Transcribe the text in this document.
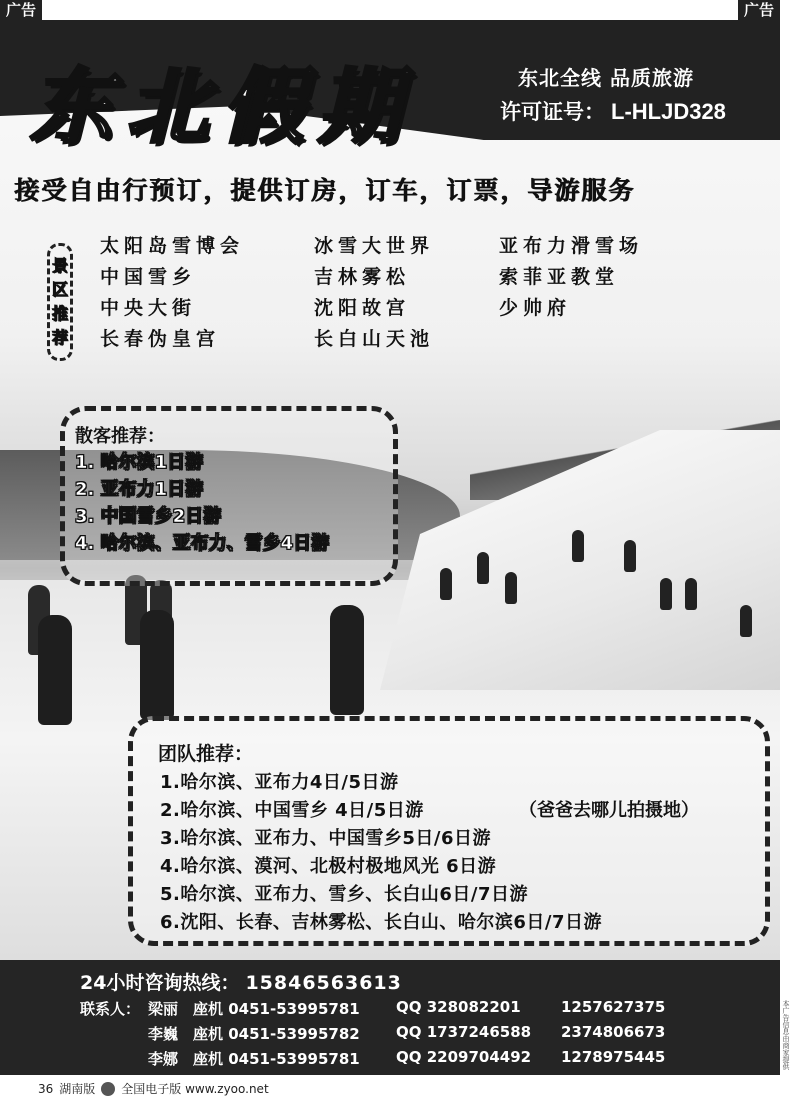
广告	广告
东北假期	东北全线 品质旅游
许可证号： L-HLJD328
接受自由行预订，提供订房，订车，订票，导游服务
景
区
推
荐
太阳岛雪博会	冰雪大世界	亚布力滑雪场
中国雪乡	吉林雾松	索菲亚教堂
中央大街	沈阳故宫	少帅府
长春伪皇宫	长白山天池
散客推荐：
1. 哈尔滨1日游
2. 亚布力1日游
3. 中国雪乡2日游
4. 哈尔滨、亚布力、雪乡4日游
团队推荐：
1.哈尔滨、亚布力4日/5日游
2.哈尔滨、中国雪乡 4日/5日游	（爸爸去哪儿拍摄地）
3.哈尔滨、亚布力、中国雪乡5日/6日游
4.哈尔滨、漠河、北极村极地风光 6日游
5.哈尔滨、亚布力、雪乡、长白山6日/7日游
6.沈阳、长春、吉林雾松、长白山、哈尔滨6日/7日游
24小时咨询热线： 15846563613
联系人： 梁丽 座机 0451-53995781 QQ 328082201	1257627375
李巍 座机 0451-53995782 QQ 1737246588 2374806673
李娜 座机 0451-53995781 QQ 2209704492 1278975445
36 湖南版 全国电子版 www.zyoo.net
本广告信息由商家提供
